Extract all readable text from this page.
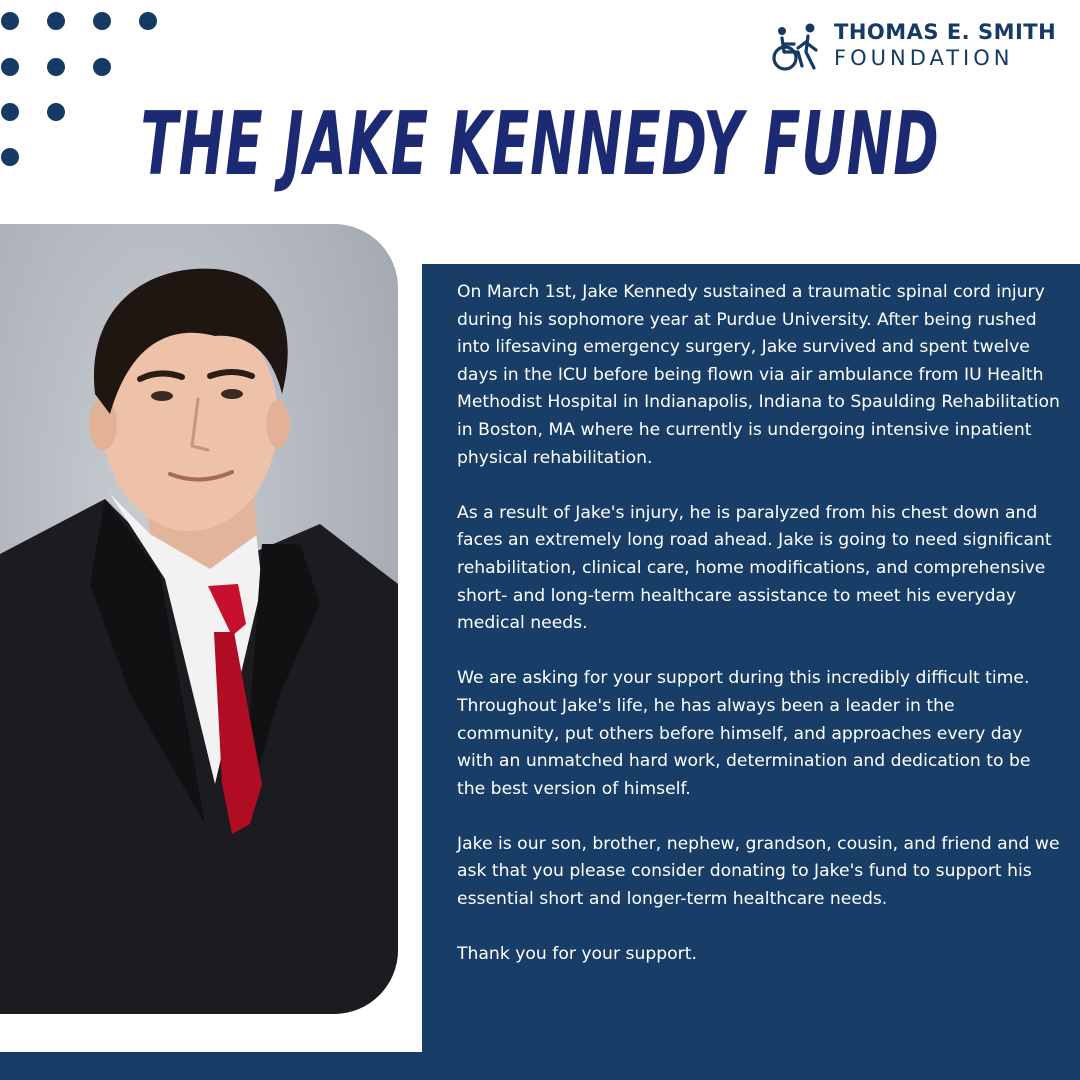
THOMAS E. SMITH
FOUNDATION
THE JAKE KENNEDY FUND

On March 1st, Jake Kennedy sustained a traumatic spinal cord injury during his sophomore year at Purdue University. After being rushed into lifesaving emergency surgery, Jake survived and spent twelve days in the ICU before being flown via air ambulance from IU Health Methodist Hospital in Indianapolis, Indiana to Spaulding Rehabilitation in Boston, MA where he currently is undergoing intensive inpatient physical rehabilitation.

As a result of Jake's injury, he is paralyzed from his chest down and faces an extremely long road ahead. Jake is going to need significant rehabilitation, clinical care, home modifications, and comprehensive short- and long-term healthcare assistance to meet his everyday medical needs.

We are asking for your support during this incredibly difficult time. Throughout Jake's life, he has always been a leader in the community, put others before himself, and approaches every day with an unmatched hard work, determination and dedication to be the best version of himself.

Jake is our son, brother, nephew, grandson, cousin, and friend and we ask that you please consider donating to Jake's fund to support his essential short and longer-term healthcare needs.

Thank you for your support.
